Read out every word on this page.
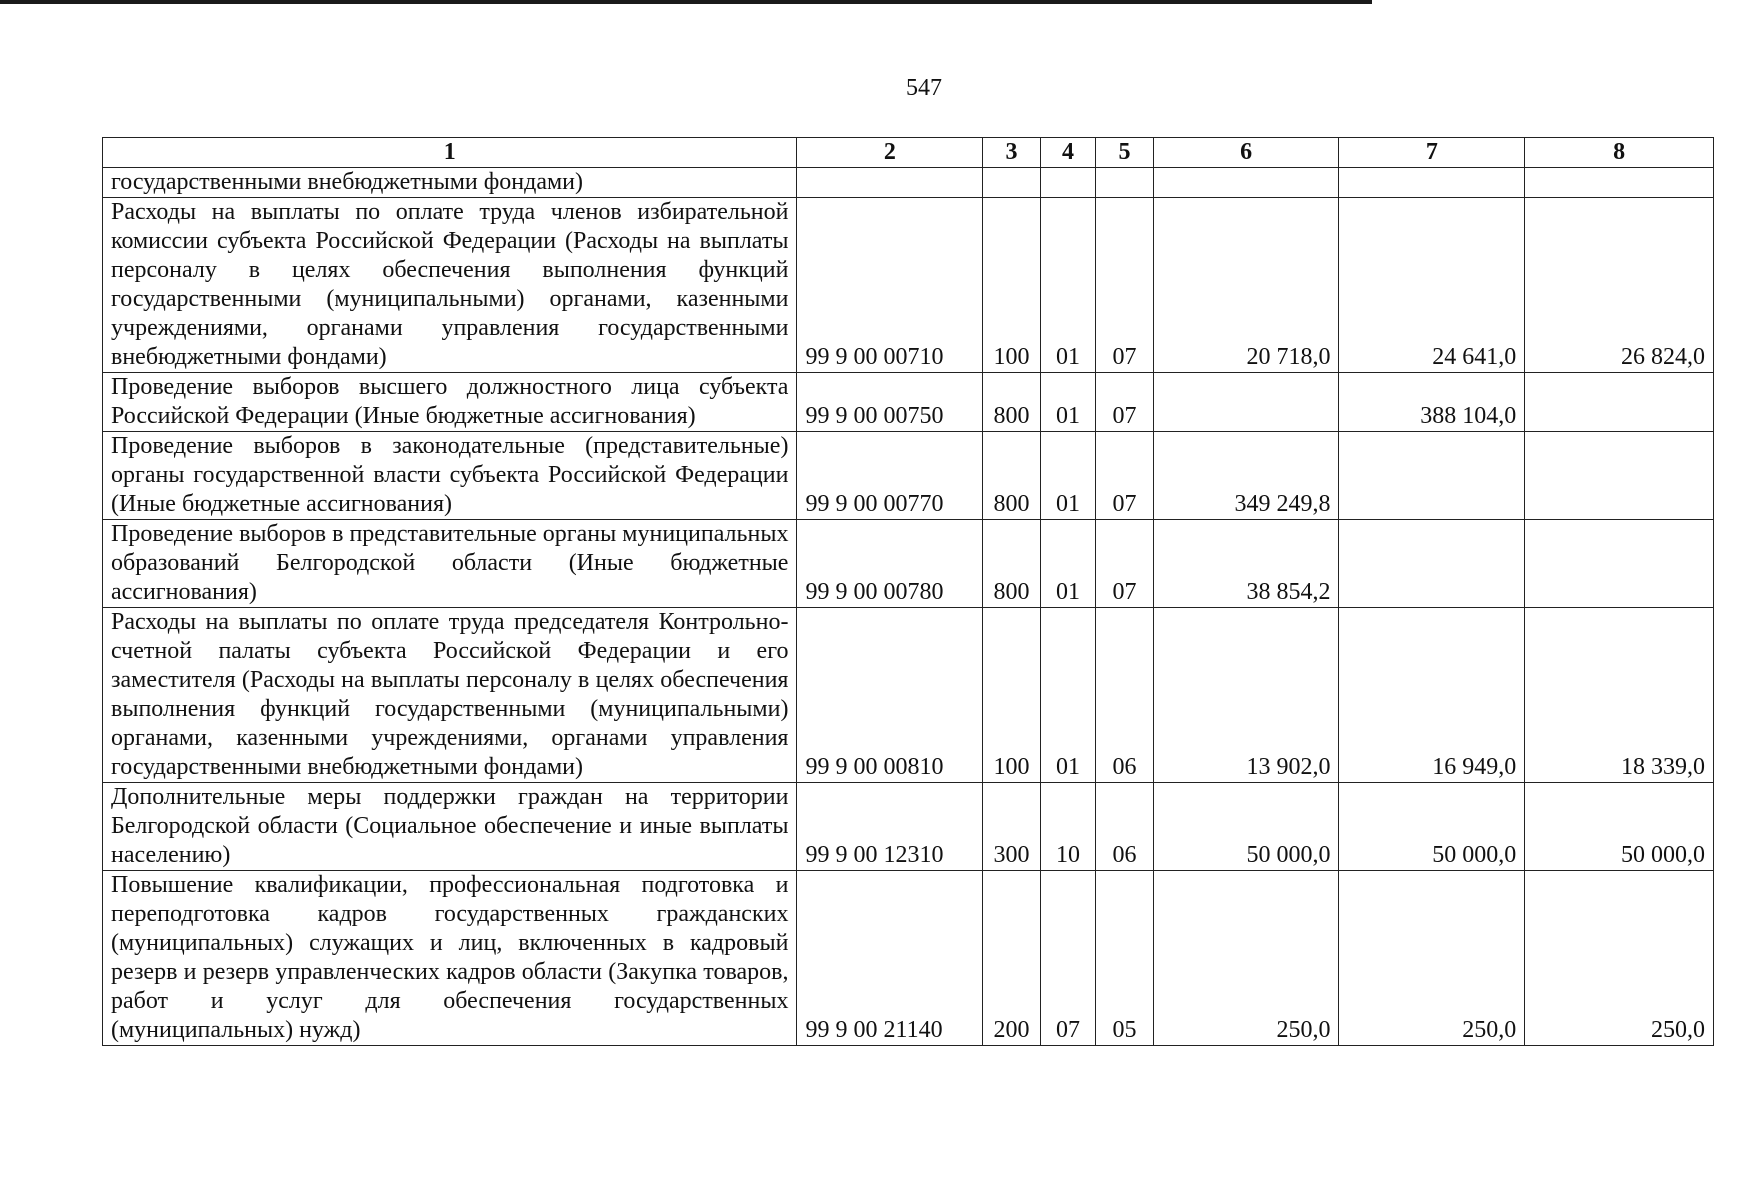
547
1	2	3	4	5	6	7	8
государственными внебюджетными фондами)							
Расходы на выплаты по оплате труда членов избирательной комиссии субъекта Российской Федерации (Расходы на выплаты персоналу в целях обеспечения выполнения функций государственными (муниципальными) органами, казенными учреждениями, органами управления государственными внебюджетными фондами)	99 9 00 00710	100	01	07	20 718,0	24 641,0	26 824,0
Проведение выборов высшего должностного лица субъекта Российской Федерации (Иные бюджетные ассигнования)	99 9 00 00750	800	01	07		388 104,0	
Проведение выборов в законодательные (представительные) органы государственной власти субъекта Российской Федерации (Иные бюджетные ассигнования)	99 9 00 00770	800	01	07	349 249,8		
Проведение выборов в представительные органы муниципальных образований Белгородской области (Иные бюджетные ассигнования)	99 9 00 00780	800	01	07	38 854,2		
Расходы на выплаты по оплате труда председателя Контрольно-счетной палаты субъекта Российской Федерации и его заместителя (Расходы на выплаты персоналу в целях обеспечения выполнения функций государственными (муниципальными) органами, казенными учреждениями, органами управления государственными внебюджетными фондами)	99 9 00 00810	100	01	06	13 902,0	16 949,0	18 339,0
Дополнительные меры поддержки граждан на территории Белгородской области (Социальное обеспечение и иные выплаты населению)	99 9 00 12310	300	10	06	50 000,0	50 000,0	50 000,0
Повышение квалификации, профессиональная подготовка и переподготовка кадров государственных гражданских (муниципальных) служащих и лиц, включенных в кадровый резерв и резерв управленческих кадров области (Закупка товаров, работ и услуг для обеспечения государственных (муниципальных) нужд)	99 9 00 21140	200	07	05	250,0	250,0	250,0
